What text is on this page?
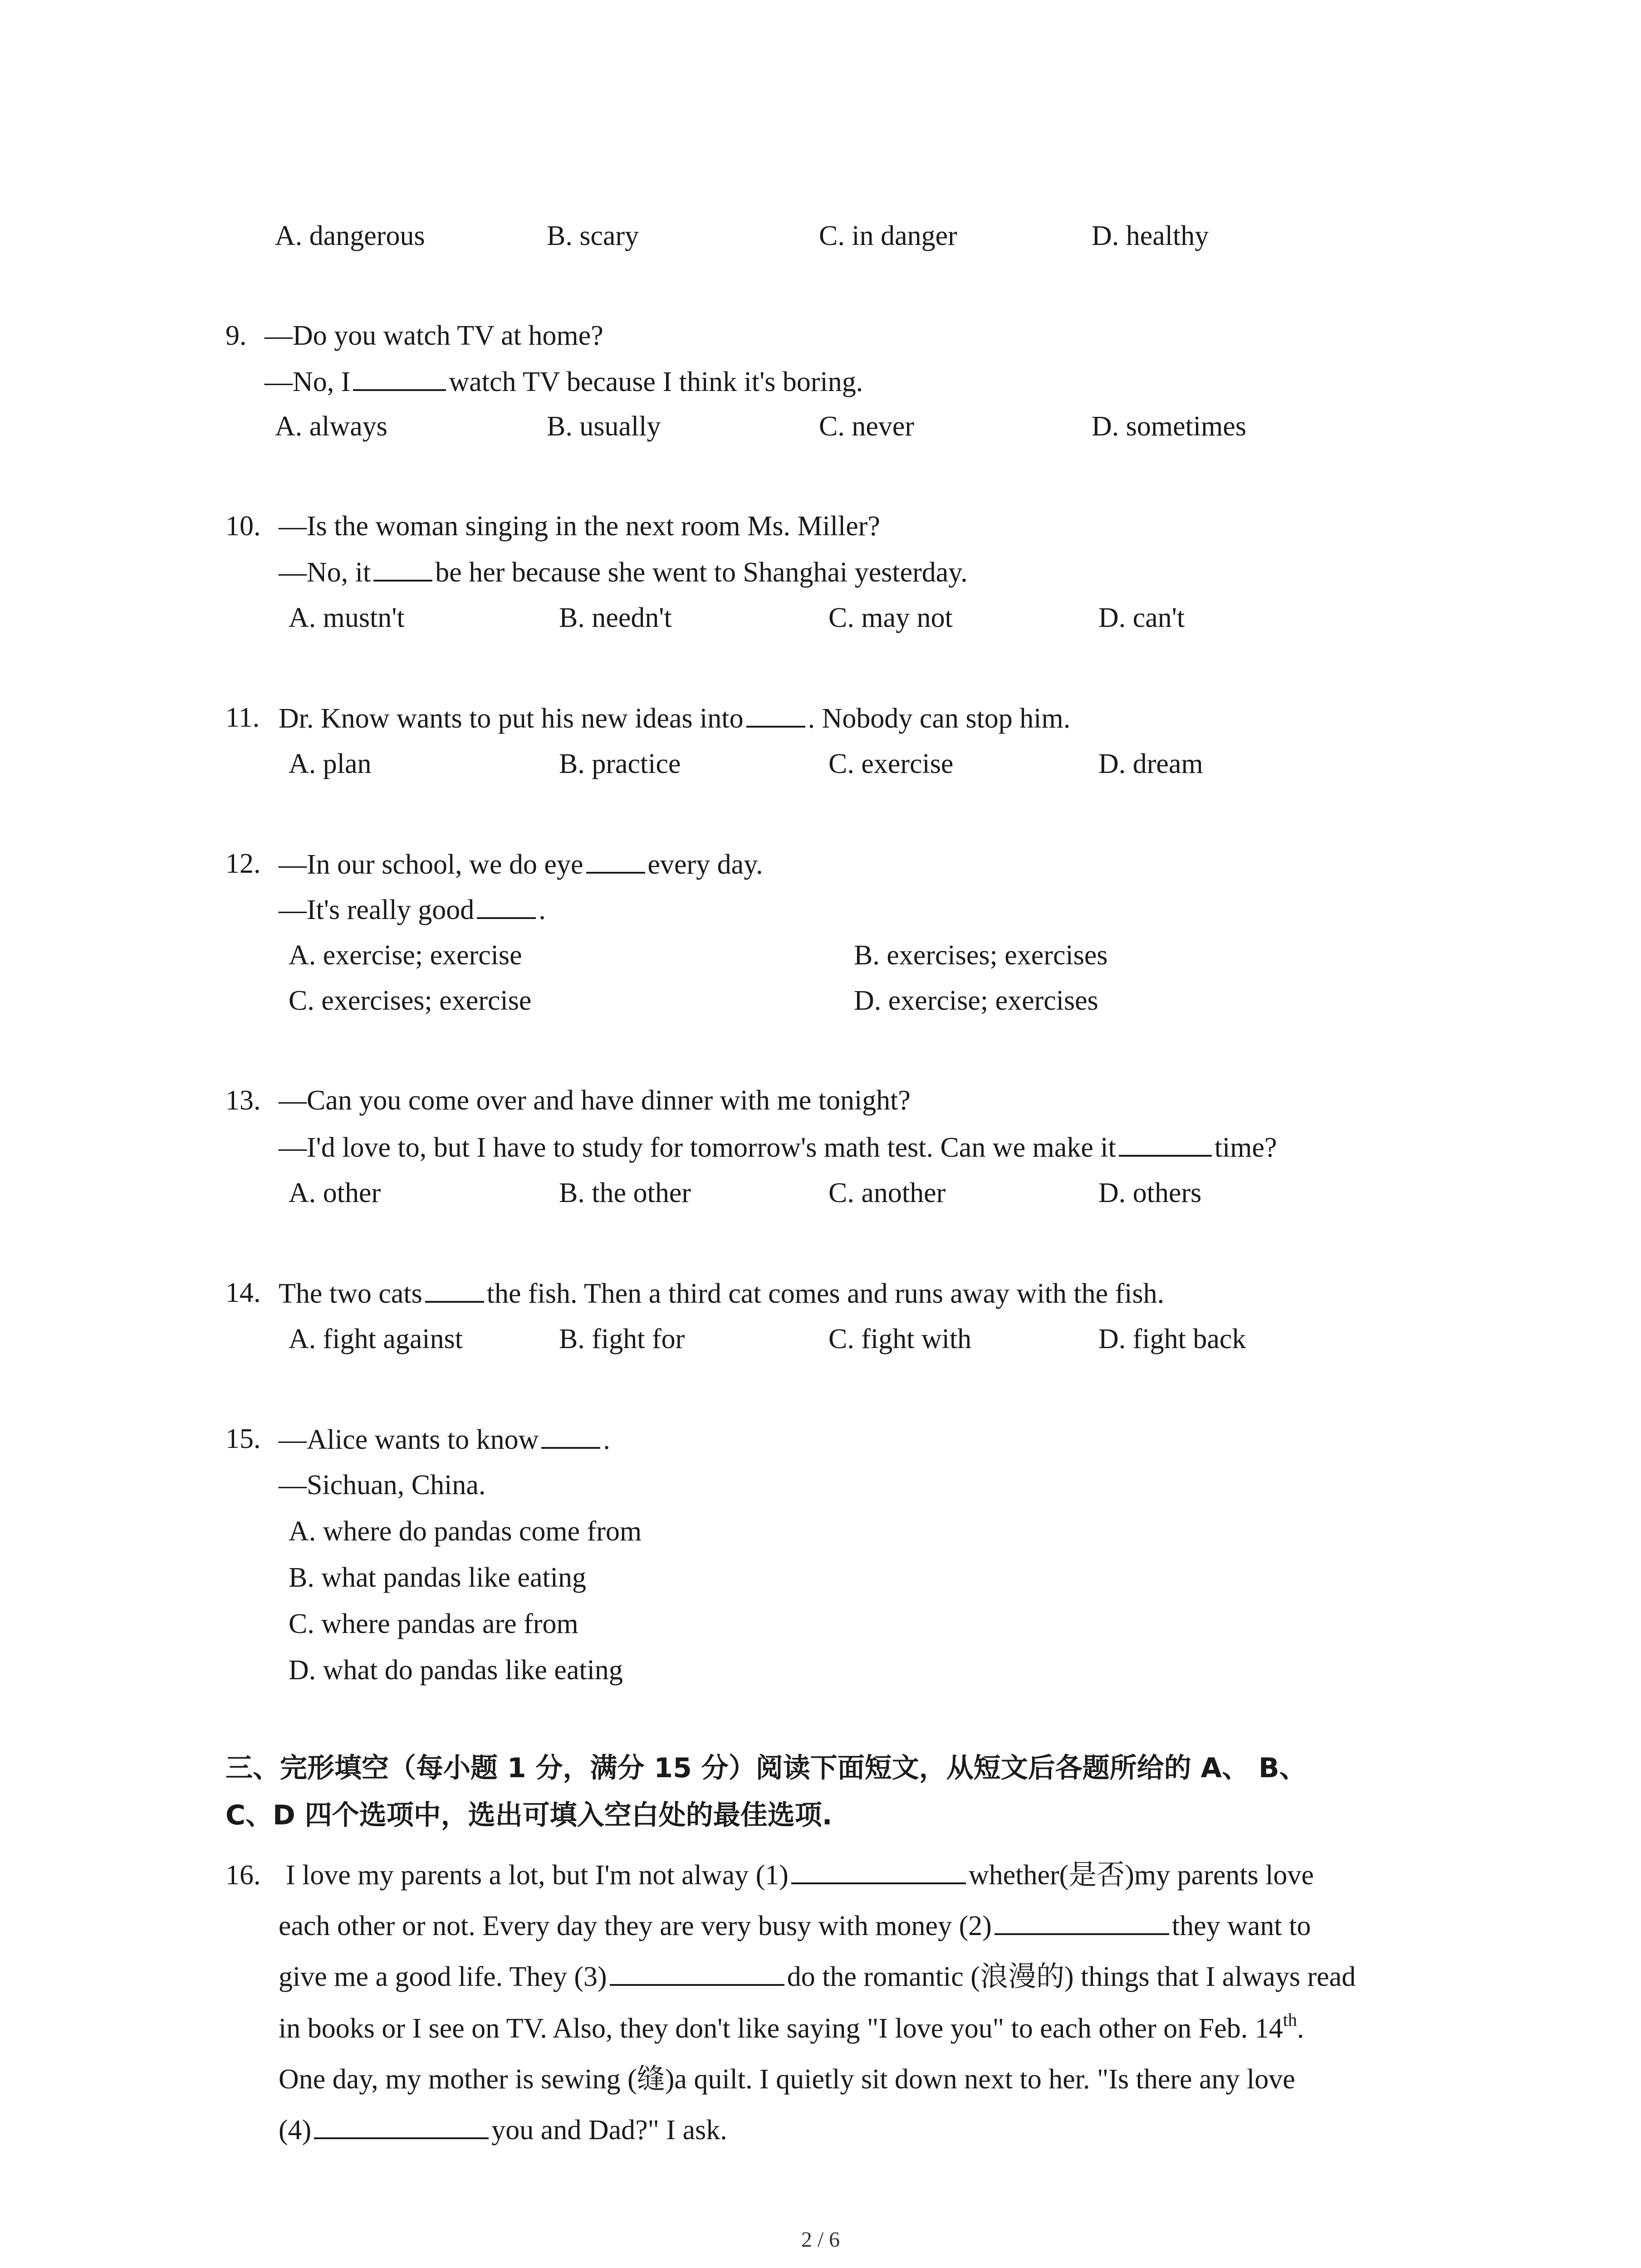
A. dangerous	B. scary	C. in danger	D. healthy
9. —Do you watch TV at home?
—No, I	watch TV because I think it's boring.
A. always	B. usually	C. never	D. sometimes
10. —Is the woman singing in the next room Ms. Miller?
—No, it be her because she went to Shanghai yesterday.
A. mustn't	B. needn't	C. may not	D. can't
11. Dr. Know wants to put his new ideas into . Nobody can stop him.
A. plan	B. practice	C. exercise	D. dream
12. —In our school, we do eye every day.
—It's really good .
A. exercise; exercise	B. exercises; exercises
C. exercises; exercise	D. exercise; exercises
13. —Can you come over and have dinner with me tonight?
—I'd love to, but I have to study for tomorrow's math test. Can we make it	time?
A. other	B. the other	C. another	D. others
14. The two cats the fish. Then a third cat comes and runs away with the fish.
A. fight against	B. fight for	C. fight with	D. fight back
15. —Alice wants to know .
—Sichuan, China.
A. where do pandas come from
B. what pandas like eating
C. where pandas are from
D. what do pandas like eating
三、完形填空（每小题 1 分，满分 15 分）阅读下面短文，从短文后各题所给的 A、 B、
C、D 四个选项中，选出可填入空白处的最佳选项.
16. I love my parents a lot, but I'm not alway (1)	whether(是否)my parents love
each other or not. Every day they are very busy with money (2)	they want to
give me a good life. They (3)	do the romantic (浪漫的) things that I always read
in books or I see on TV. Also, they don't like saying "I love you" to each other on Feb. 14th.
One day, my mother is sewing (缝)a quilt. I quietly sit down next to her. "Is there any love
(4)	you and Dad?" I ask.
2 / 6
